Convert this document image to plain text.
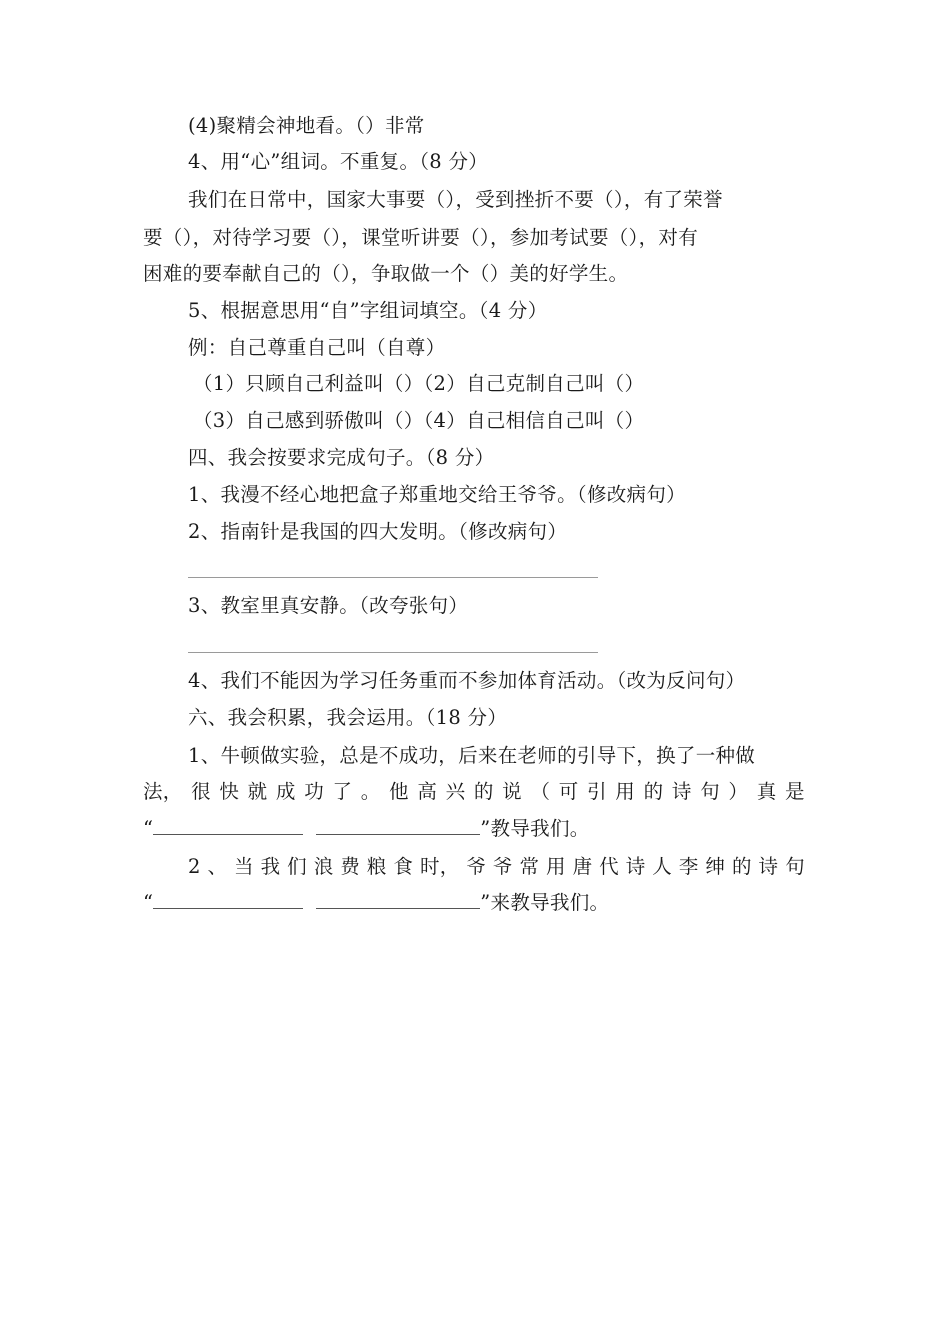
(4)聚精会神地看。（）非常
4、用“心”组词。不重复。（8 分）
我们在日常中，国家大事要（），受到挫折不要（），有了荣誉
要（），对待学习要（），课堂听讲要（），参加考试要（），对有
困难的要奉献自己的（），争取做一个（）美的好学生。
5、根据意思用“自”字组词填空。（4 分）
例：自己尊重自己叫（自尊）
（1）只顾自己利益叫（）（2）自己克制自己叫（）
（3）自己感到骄傲叫（）（4）自己相信自己叫（）
四、我会按要求完成句子。（8 分）
1、我漫不经心地把盒子郑重地交给王爷爷。（修改病句）
2、指南针是我国的四大发明。（修改病句）
3、教室里真安静。（改夸张句）
4、我们不能因为学习任务重而不参加体育活动。（改为反问句）
六、我会积累，我会运用。（18 分）
1、牛顿做实验，总是不成功，后来在老师的引导下，换了一种做
法， 很 快 就 成 功 了 。 他 高 兴 的 说 （ 可 引 用 的 诗 句 ） 真 是
“	”教导我们。
2 、 当 我 们 浪 费 粮 食 时， 爷 爷 常 用 唐 代 诗 人 李 绅 的 诗 句
“	”来教导我们。
